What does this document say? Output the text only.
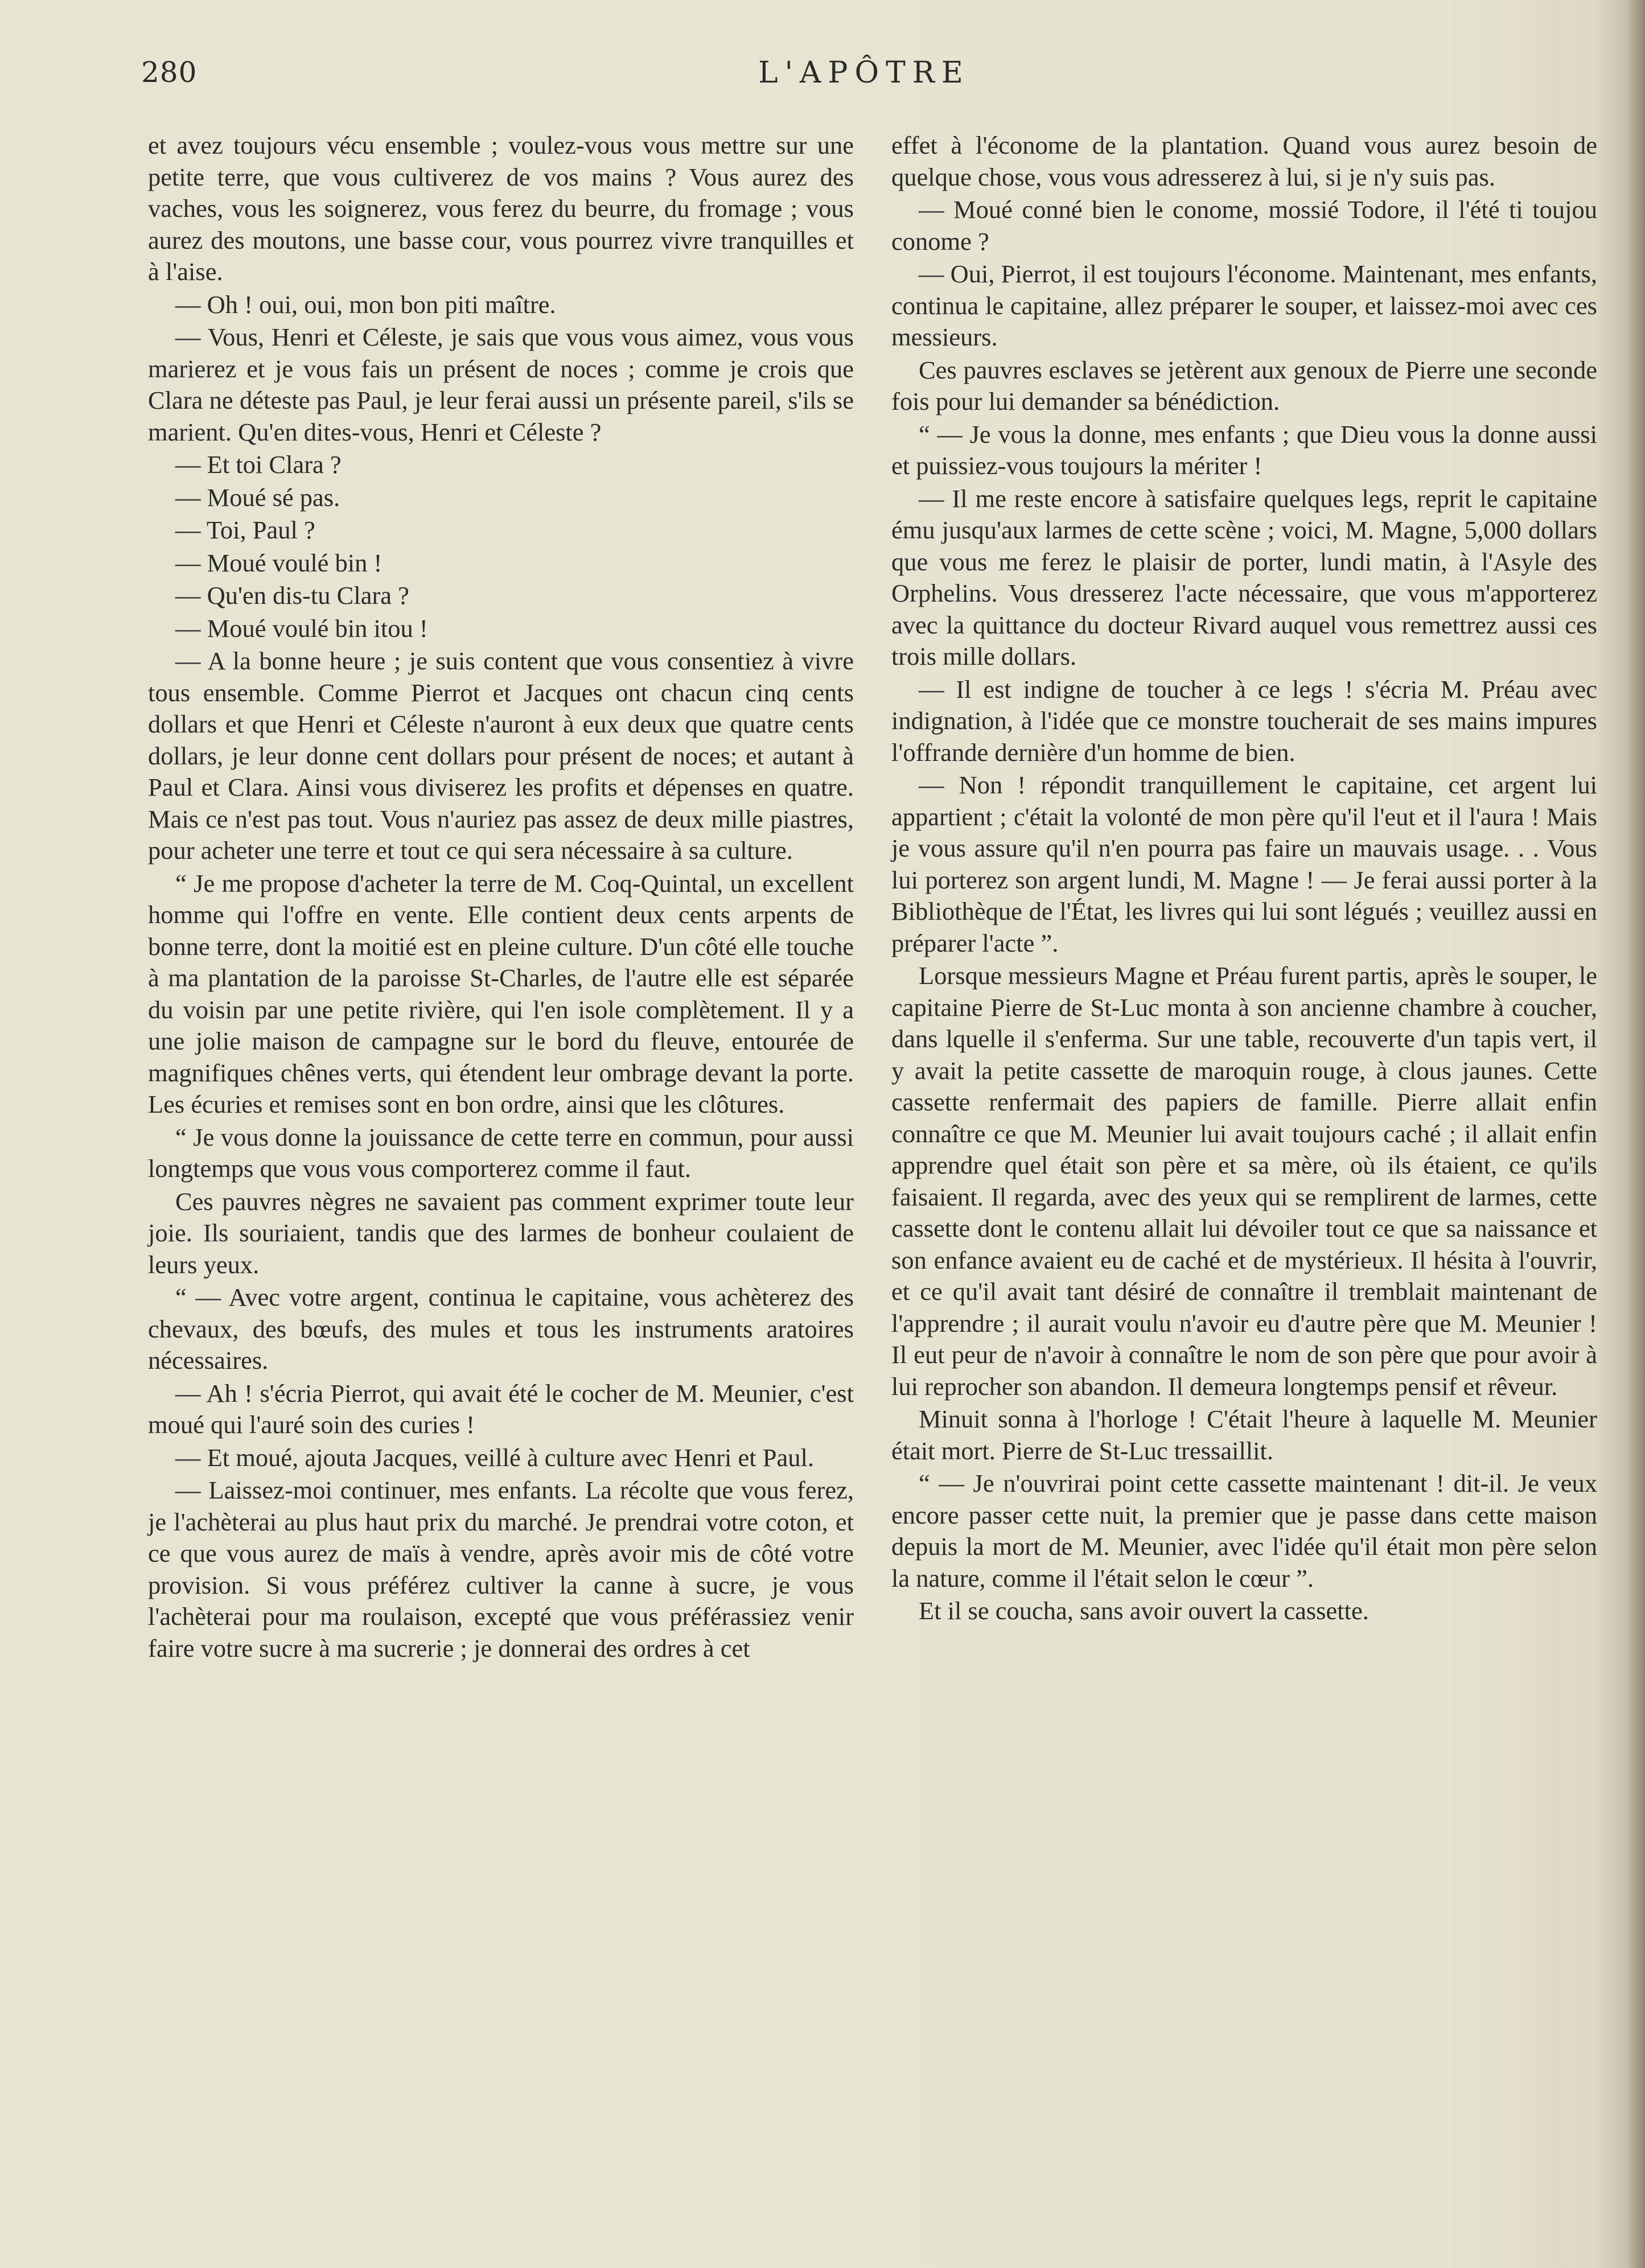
280	L'APÔTRE

et avez toujours vécu ensemble ; voulez-vous vous mettre sur une petite terre, que vous cultiverez de vos mains ? Vous aurez des vaches, vous les soignerez, vous ferez du beurre, du fromage ; vous aurez des moutons, une basse cour, vous pourrez vivre tranquilles et à l'aise.

— Oh ! oui, oui, mon bon piti maître.

— Vous, Henri et Céleste, je sais que vous vous aimez, vous vous marierez et je vous fais un présent de noces ; comme je crois que Clara ne déteste pas Paul, je leur ferai aussi un présente pareil, s'ils se marient. Qu'en dites-vous, Henri et Céleste ?

— Et toi Clara ?

— Moué sé pas.

— Toi, Paul ?

— Moué voulé bin !

— Qu'en dis-tu Clara ?

— Moué voulé bin itou !

— A la bonne heure ; je suis content que vous consentiez à vivre tous ensemble. Comme Pierrot et Jacques ont chacun cinq cents dollars et que Henri et Céleste n'auront à eux deux que quatre cents dollars, je leur donne cent dollars pour présent de noces; et autant à Paul et Clara. Ainsi vous diviserez les profits et dépenses en quatre. Mais ce n'est pas tout. Vous n'auriez pas assez de deux mille piastres, pour acheter une terre et tout ce qui sera nécessaire à sa culture.

“ Je me propose d'acheter la terre de M. Coq-Quintal, un excellent homme qui l'offre en vente. Elle contient deux cents arpents de bonne terre, dont la moitié est en pleine culture. D'un côté elle touche à ma plantation de la paroisse St-Charles, de l'autre elle est séparée du voisin par une petite rivière, qui l'en isole complètement. Il y a une jolie maison de campagne sur le bord du fleuve, entourée de magnifiques chênes verts, qui étendent leur ombrage devant la porte. Les écuries et remises sont en bon ordre, ainsi que les clôtures.

“ Je vous donne la jouissance de cette terre en commun, pour aussi longtemps que vous vous comporterez comme il faut.

Ces pauvres nègres ne savaient pas comment exprimer toute leur joie. Ils souriaient, tandis que des larmes de bonheur coulaient de leurs yeux.

“ — Avec votre argent, continua le capitaine, vous achèterez des chevaux, des bœufs, des mules et tous les instruments aratoires nécessaires.

— Ah ! s'écria Pierrot, qui avait été le cocher de M. Meunier, c'est moué qui l'auré soin des curies !

— Et moué, ajouta Jacques, veillé à culture avec Henri et Paul.

— Laissez-moi continuer, mes enfants. La récolte que vous ferez, je l'achèterai au plus haut prix du marché. Je prendrai votre coton, et ce que vous aurez de maïs à vendre, après avoir mis de côté votre provision. Si vous préférez cultiver la canne à sucre, je vous l'achèterai pour ma roulaison, excepté que vous préférassiez venir faire votre sucre à ma sucrerie ; je donnerai des ordres à cet

effet à l'économe de la plantation. Quand vous aurez besoin de quelque chose, vous vous adresserez à lui, si je n'y suis pas.

— Moué conné bien le conome, mossié Todore, il l'été ti toujou conome ?

— Oui, Pierrot, il est toujours l'économe. Maintenant, mes enfants, continua le capitaine, allez préparer le souper, et laissez-moi avec ces messieurs.

Ces pauvres esclaves se jetèrent aux genoux de Pierre une seconde fois pour lui demander sa bénédiction.

“ — Je vous la donne, mes enfants ; que Dieu vous la donne aussi et puissiez-vous toujours la mériter !

— Il me reste encore à satisfaire quelques legs, reprit le capitaine ému jusqu'aux larmes de cette scène ; voici, M. Magne, 5,000 dollars que vous me ferez le plaisir de porter, lundi matin, à l'Asyle des Orphelins. Vous dresserez l'acte nécessaire, que vous m'apporterez avec la quittance du docteur Rivard auquel vous remettrez aussi ces trois mille dollars.

— Il est indigne de toucher à ce legs ! s'écria M. Préau avec indignation, à l'idée que ce monstre toucherait de ses mains impures l'offrande dernière d'un homme de bien.

— Non ! répondit tranquillement le capitaine, cet argent lui appartient ; c'était la volonté de mon père qu'il l'eut et il l'aura ! Mais je vous assure qu'il n'en pourra pas faire un mauvais usage. . . Vous lui porterez son argent lundi, M. Magne ! — Je ferai aussi porter à la Bibliothèque de l'État, les livres qui lui sont légués ; veuillez aussi en préparer l'acte ”.

Lorsque messieurs Magne et Préau furent partis, après le souper, le capitaine Pierre de St-Luc monta à son ancienne chambre à coucher, dans lquelle il s'enferma. Sur une table, recouverte d'un tapis vert, il y avait la petite cassette de maroquin rouge, à clous jaunes. Cette cassette renfermait des papiers de famille. Pierre allait enfin connaître ce que M. Meunier lui avait toujours caché ; il allait enfin apprendre quel était son père et sa mère, où ils étaient, ce qu'ils faisaient. Il regarda, avec des yeux qui se remplirent de larmes, cette cassette dont le contenu allait lui dévoiler tout ce que sa naissance et son enfance avaient eu de caché et de mystérieux. Il hésita à l'ouvrir, et ce qu'il avait tant désiré de connaître il tremblait maintenant de l'apprendre ; il aurait voulu n'avoir eu d'autre père que M. Meunier ! Il eut peur de n'avoir à connaître le nom de son père que pour avoir à lui reprocher son abandon. Il demeura longtemps pensif et rêveur.

Minuit sonna à l'horloge ! C'était l'heure à laquelle M. Meunier était mort. Pierre de St-Luc tressaillit.

“ — Je n'ouvrirai point cette cassette maintenant ! dit-il. Je veux encore passer cette nuit, la premier que je passe dans cette maison depuis la mort de M. Meunier, avec l'idée qu'il était mon père selon la nature, comme il l'était selon le cœur ”.

Et il se coucha, sans avoir ouvert la cassette.
